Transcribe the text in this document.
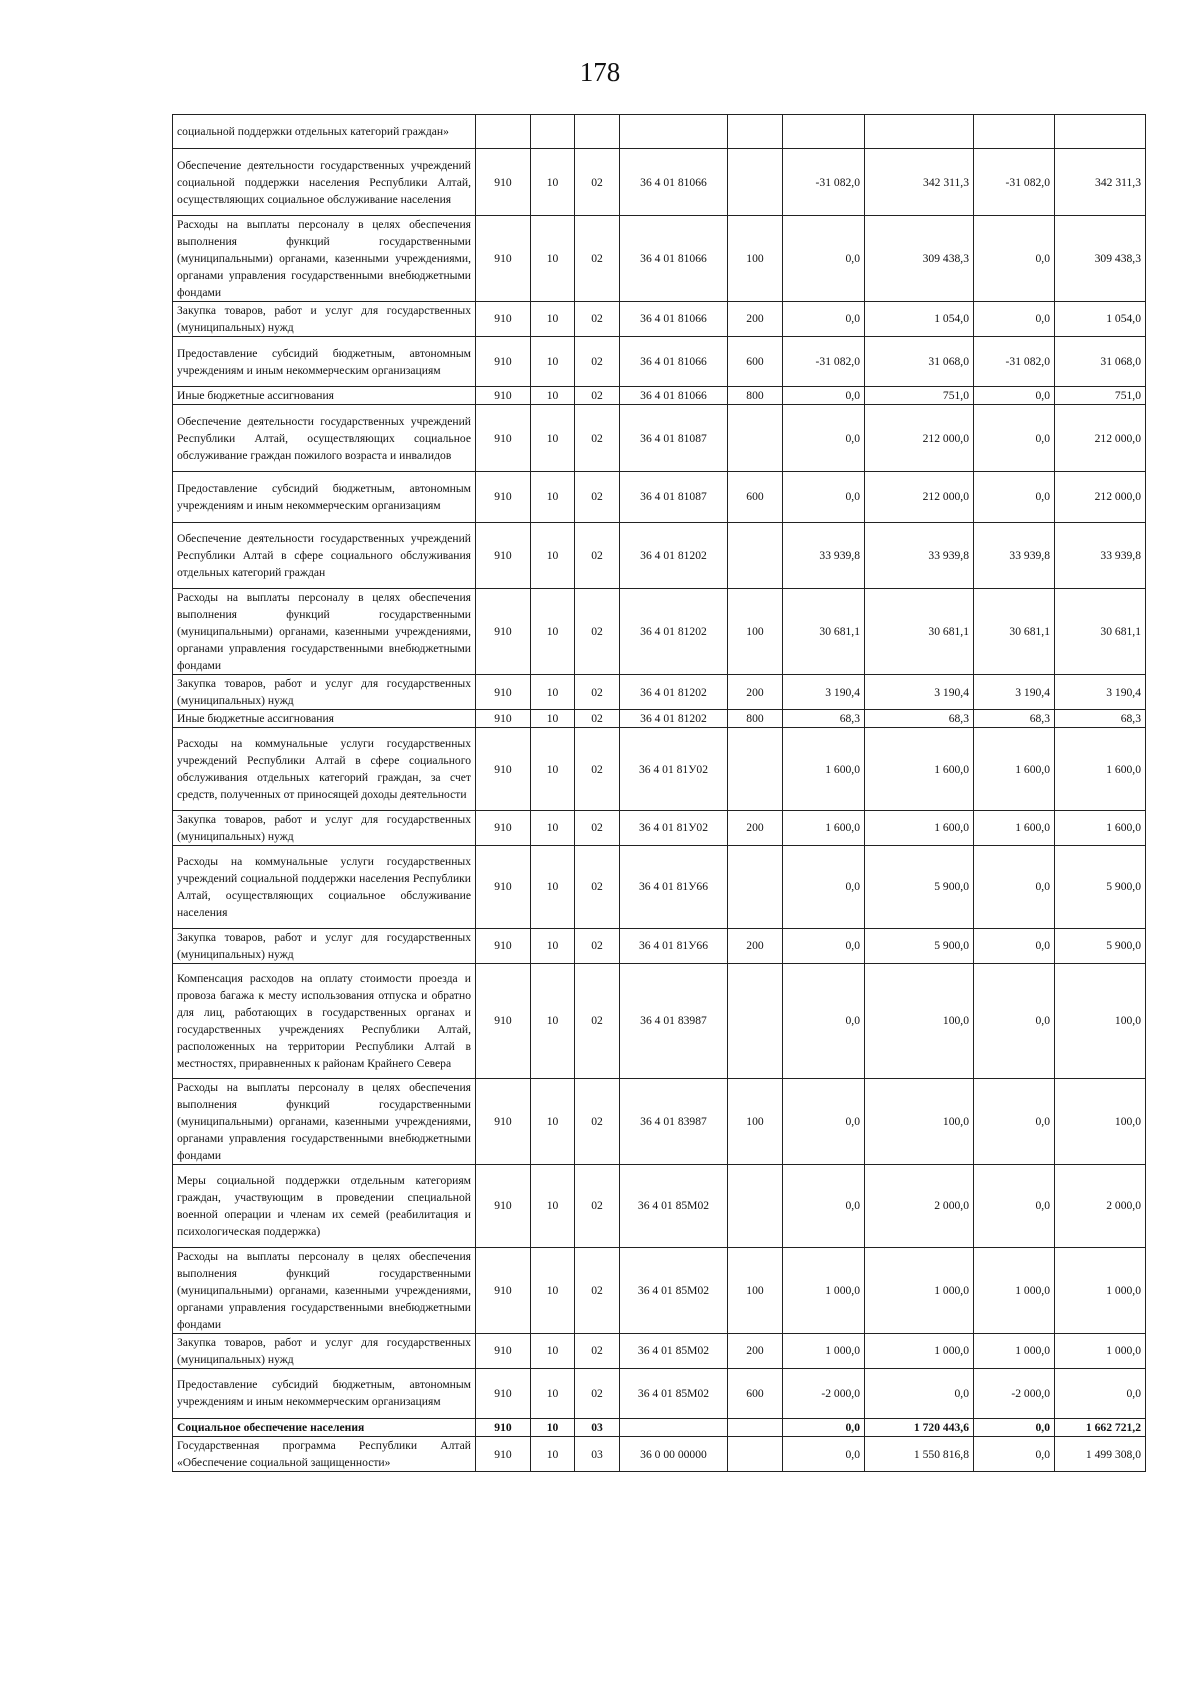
178
социальной поддержки отдельных категорий граждан»									
Обеспечение деятельности государственных учреждений социальной поддержки населения Республики Алтай, осуществляющих социальное обслуживание населения	910	10	02	36 4 01 81066		-31 082,0	342 311,3	-31 082,0	342 311,3
Расходы на выплаты персоналу в целях обеспечения выполнения функций государственными (муниципальными) органами, казенными учреждениями, органами управления государственными внебюджетными фондами	910	10	02	36 4 01 81066	100	0,0	309 438,3	0,0	309 438,3
Закупка товаров, работ и услуг для государственных (муниципальных) нужд	910	10	02	36 4 01 81066	200	0,0	1 054,0	0,0	1 054,0
Предоставление субсидий бюджетным, автономным учреждениям и иным некоммерческим организациям	910	10	02	36 4 01 81066	600	-31 082,0	31 068,0	-31 082,0	31 068,0
Иные бюджетные ассигнования	910	10	02	36 4 01 81066	800	0,0	751,0	0,0	751,0
Обеспечение деятельности государственных учреждений Республики Алтай, осуществляющих социальное обслуживание граждан пожилого возраста и инвалидов	910	10	02	36 4 01 81087		0,0	212 000,0	0,0	212 000,0
Предоставление субсидий бюджетным, автономным учреждениям и иным некоммерческим организациям	910	10	02	36 4 01 81087	600	0,0	212 000,0	0,0	212 000,0
Обеспечение деятельности государственных учреждений Республики Алтай в сфере социального обслуживания отдельных категорий граждан	910	10	02	36 4 01 81202		33 939,8	33 939,8	33 939,8	33 939,8
Расходы на выплаты персоналу в целях обеспечения выполнения функций государственными (муниципальными) органами, казенными учреждениями, органами управления государственными внебюджетными фондами	910	10	02	36 4 01 81202	100	30 681,1	30 681,1	30 681,1	30 681,1
Закупка товаров, работ и услуг для государственных (муниципальных) нужд	910	10	02	36 4 01 81202	200	3 190,4	3 190,4	3 190,4	3 190,4
Иные бюджетные ассигнования	910	10	02	36 4 01 81202	800	68,3	68,3	68,3	68,3
Расходы на коммунальные услуги государственных учреждений Республики Алтай в сфере социального обслуживания отдельных категорий граждан, за счет средств, полученных от приносящей доходы деятельности	910	10	02	36 4 01 81У02		1 600,0	1 600,0	1 600,0	1 600,0
Закупка товаров, работ и услуг для государственных (муниципальных) нужд	910	10	02	36 4 01 81У02	200	1 600,0	1 600,0	1 600,0	1 600,0
Расходы на коммунальные услуги государственных учреждений социальной поддержки населения Республики Алтай, осуществляющих социальное обслуживание населения	910	10	02	36 4 01 81У66		0,0	5 900,0	0,0	5 900,0
Закупка товаров, работ и услуг для государственных (муниципальных) нужд	910	10	02	36 4 01 81У66	200	0,0	5 900,0	0,0	5 900,0
Компенсация расходов на оплату стоимости проезда и провоза багажа к месту использования отпуска и обратно для лиц, работающих в государственных органах и государственных учреждениях Республики Алтай, расположенных на территории Республики Алтай в местностях, приравненных к районам Крайнего Севера	910	10	02	36 4 01 83987		0,0	100,0	0,0	100,0
Расходы на выплаты персоналу в целях обеспечения выполнения функций государственными (муниципальными) органами, казенными учреждениями, органами управления государственными внебюджетными фондами	910	10	02	36 4 01 83987	100	0,0	100,0	0,0	100,0
Меры социальной поддержки отдельным категориям граждан, участвующим в проведении специальной военной операции и членам их семей (реабилитация и психологическая поддержка)	910	10	02	36 4 01 85М02		0,0	2 000,0	0,0	2 000,0
Расходы на выплаты персоналу в целях обеспечения выполнения функций государственными (муниципальными) органами, казенными учреждениями, органами управления государственными внебюджетными фондами	910	10	02	36 4 01 85М02	100	1 000,0	1 000,0	1 000,0	1 000,0
Закупка товаров, работ и услуг для государственных (муниципальных) нужд	910	10	02	36 4 01 85М02	200	1 000,0	1 000,0	1 000,0	1 000,0
Предоставление субсидий бюджетным, автономным учреждениям и иным некоммерческим организациям	910	10	02	36 4 01 85М02	600	-2 000,0	0,0	-2 000,0	0,0
Социальное обеспечение населения	910	10	03			0,0	1 720 443,6	0,0	1 662 721,2
Государственная программа Республики Алтай «Обеспечение социальной защищенности»	910	10	03	36 0 00 00000		0,0	1 550 816,8	0,0	1 499 308,0
